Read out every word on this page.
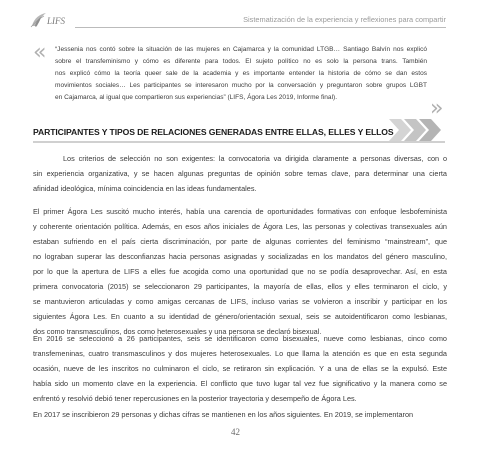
LIFS	Sistematización de la experiencia y reflexiones para compartir
« “Jessenia nos contó sobre la situación de las mujeres en Cajamarca y la comunidad LTGB… Santiago Balvín nos explicó
sobre el transfeminismo y cómo es diferente para todos. El sujeto político no es solo la persona trans. También
nos explicó cómo la teoría queer sale de la academia y es importante entender la historia de cómo se dan estos
movimientos sociales… Les participantes se interesaron mucho por la conversación y preguntaron sobre grupos LGBT
en Cajamarca, al igual que compartieron sus experiencias” (LIFS, Ágora Les 2019, Informe final).	»
PARTICIPANTES Y TIPOS DE RELACIONES GENERADAS ENTRE ELLAS, ELLES Y ELLOS
Los criterios de selección no son exigentes: la convocatoria va dirigida claramente a personas diversas, con o
sin experiencia organizativa, y se hacen algunas preguntas de opinión sobre temas clave, para determinar una cierta
afinidad ideológica, mínima coincidencia en las ideas fundamentales.
El primer Ágora Les suscitó mucho interés, había una carencia de oportunidades formativas con enfoque lesbofeminista
y coherente orientación política. Además, en esos años iniciales de Ágora Les, las personas y colectivas transexuales aún
estaban sufriendo en el país cierta discriminación, por parte de algunas corrientes del feminismo “mainstream”, que
no lograban superar las desconfianzas hacia personas asignadas y socializadas en los mandatos del género masculino,
por lo que la apertura de LIFS a elles fue acogida como una oportunidad que no se podía desaprovechar. Así, en esta
primera convocatoria (2015) se seleccionaron 29 participantes, la mayoría de ellas, ellos y elles terminaron el ciclo, y
se mantuvieron articuladas y como amigas cercanas de LIFS, incluso varias se volvieron a inscribir y participar en los
siguientes Ágora Les. En cuanto a su identidad de género/orientación sexual, seis se autoidentificaron como lesbianas,
dos como transmasculinos, dos como heterosexuales y una persona se declaró bisexual.
En 2016 se seleccionó a 26 participantes, seis se identificaron como bisexuales, nueve como lesbianas, cinco como
transfemeninas, cuatro transmasculinos y dos mujeres heterosexuales. Lo que llama la atención es que en esta segunda
ocasión, nueve de les inscritos no culminaron el ciclo, se retiraron sin explicación. Y a una de ellas se la expulsó. Este
había sido un momento clave en la experiencia. El conflicto que tuvo lugar tal vez fue significativo y la manera como se
enfrentó y resolvió debió tener repercusiones en la posterior trayectoria y desempeño de Ágora Les.
En 2017 se inscribieron 29 personas y dichas cifras se mantienen en los años siguientes. En 2019, se implementaron
42
